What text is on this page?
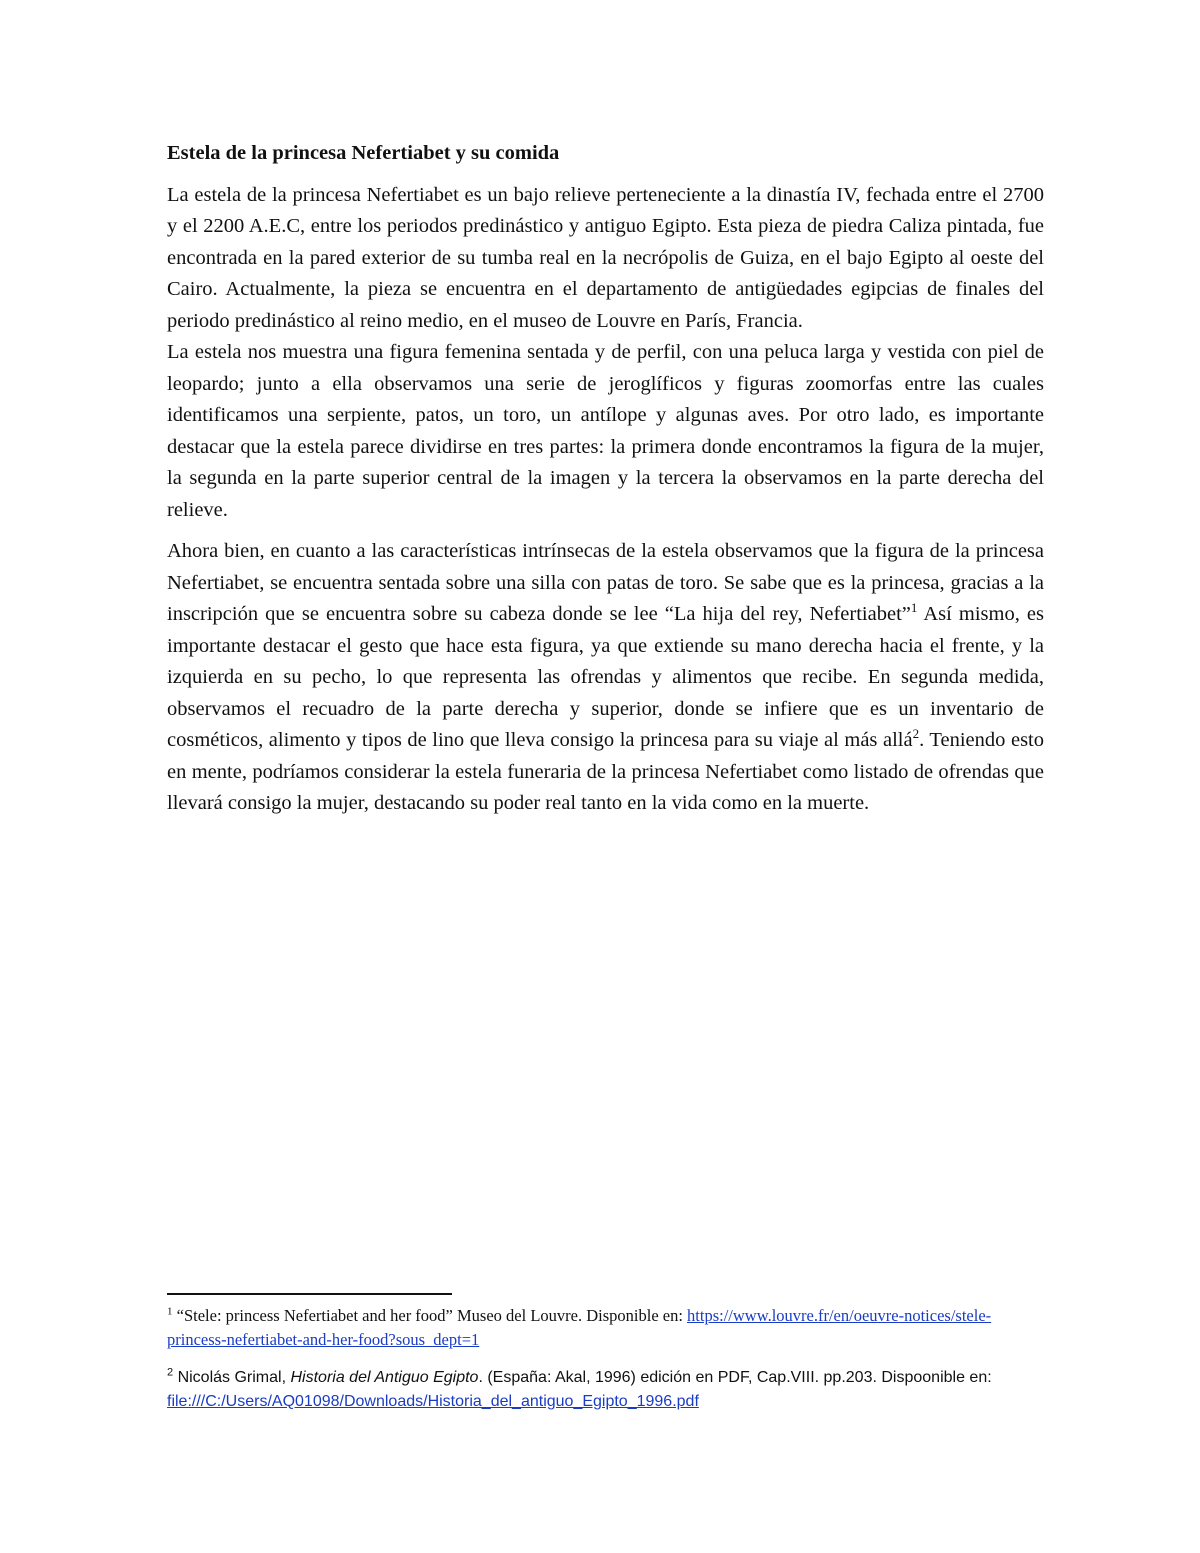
Estela de la princesa Nefertiabet y su comida

La estela de la princesa Nefertiabet es un bajo relieve perteneciente a la dinastía IV, fechada entre el 2700 y el 2200 A.E.C, entre los periodos predinástico y antiguo Egipto. Esta pieza de piedra Caliza pintada, fue encontrada en la pared exterior de su tumba real en la necrópolis de Guiza, en el bajo Egipto al oeste del Cairo. Actualmente, la pieza se encuentra en el departamento de antigüedades egipcias de finales del periodo predinástico al reino medio, en el museo de Louvre en París, Francia.

La estela nos muestra una figura femenina sentada y de perfil, con una peluca larga y vestida con piel de leopardo; junto a ella observamos una serie de jeroglíficos y figuras zoomorfas entre las cuales identificamos una serpiente, patos, un toro, un antílope y algunas aves. Por otro lado, es importante destacar que la estela parece dividirse en tres partes: la primera donde encontramos la figura de la mujer, la segunda en la parte superior central de la imagen y la tercera la observamos en la parte derecha del relieve.

Ahora bien, en cuanto a las características intrínsecas de la estela observamos que la figura de la princesa Nefertiabet, se encuentra sentada sobre una silla con patas de toro. Se sabe que es la princesa, gracias a la inscripción que se encuentra sobre su cabeza donde se lee “La hija del rey, Nefertiabet”$^1$ Así mismo, es importante destacar el gesto que hace esta figura, ya que extiende su mano derecha hacia el frente, y la izquierda en su pecho, lo que representa las ofrendas y alimentos que recibe. En segunda medida, observamos el recuadro de la parte derecha y superior, donde se infiere que es un inventario de cosméticos, alimento y tipos de lino que lleva consigo la princesa para su viaje al más allá$^2$. Teniendo esto en mente, podríamos considerar la estela funeraria de la princesa Nefertiabet como listado de ofrendas que llevará consigo la mujer, destacando su poder real tanto en la vida como en la muerte.

$^1$ “Stele: princess Nefertiabet and her food” Museo del Louvre. Disponible en: https://www.louvre.fr/en/oeuvre-notices/stele-princess-nefertiabet-and-her-food?sous_dept=1

$^2$ Nicolás Grimal, Historia del Antiguo Egipto. (España: Akal, 1996) edición en PDF, Cap.VIII. pp.203. Dispoonible en: file:///C:/Users/AQ01098/Downloads/Historia_del_antiguo_Egipto_1996.pdf
